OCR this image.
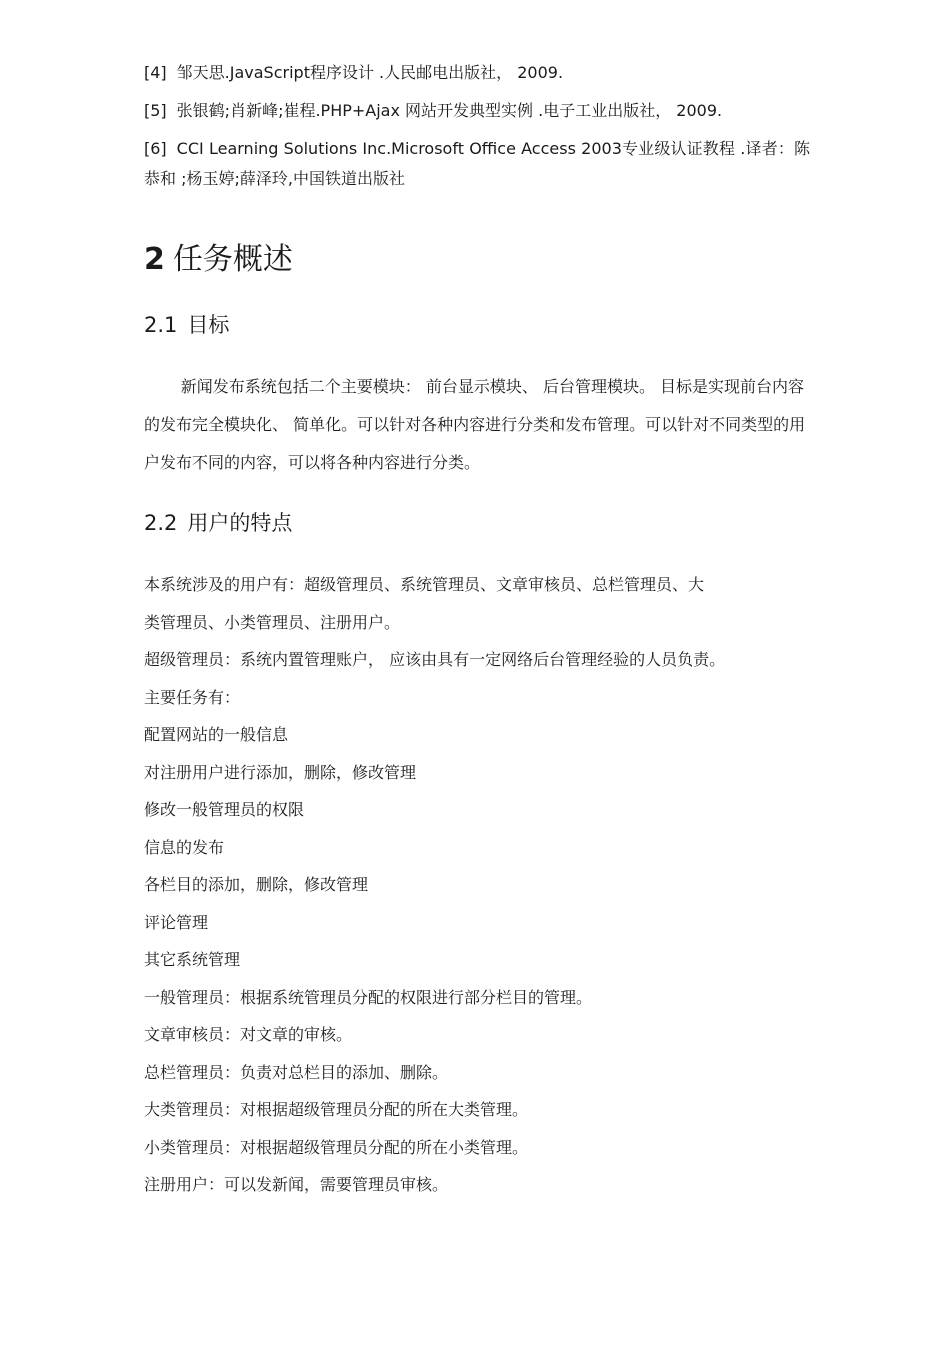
[4] 邹天思.JavaScript程序设计 .人民邮电出版社， 2009.

[5] 张银鹤;肖新峰;崔程.PHP+Ajax 网站开发典型实例 .电子工业出版社， 2009.

[6] CCI Learning Solutions Inc.Microsoft Office Access 2003专业级认证教程 .译者：陈恭和 ;杨玉婷;薛泽玲,中国铁道出版社

2 任务概述
2.1 目标

新闻发布系统包括二个主要模块： 前台显示模块、 后台管理模块。 目标是实现前台内容的发布完全模块化、 简单化。可以针对各种内容进行分类和发布管理。可以针对不同类型的用户发布不同的内容，可以将各种内容进行分类。

2.2 用户的特点

本系统涉及的用户有：超级管理员、系统管理员、文章审核员、总栏管理员、大

类管理员、小类管理员、注册用户。

超级管理员：系统内置管理账户， 应该由具有一定网络后台管理经验的人员负责。

主要任务有：

配置网站的一般信息

对注册用户进行添加，删除，修改管理

修改一般管理员的权限

信息的发布

各栏目的添加，删除，修改管理

评论管理

其它系统管理

一般管理员：根据系统管理员分配的权限进行部分栏目的管理。

文章审核员：对文章的审核。

总栏管理员：负责对总栏目的添加、删除。

大类管理员：对根据超级管理员分配的所在大类管理。

小类管理员：对根据超级管理员分配的所在小类管理。

注册用户：可以发新闻，需要管理员审核。
